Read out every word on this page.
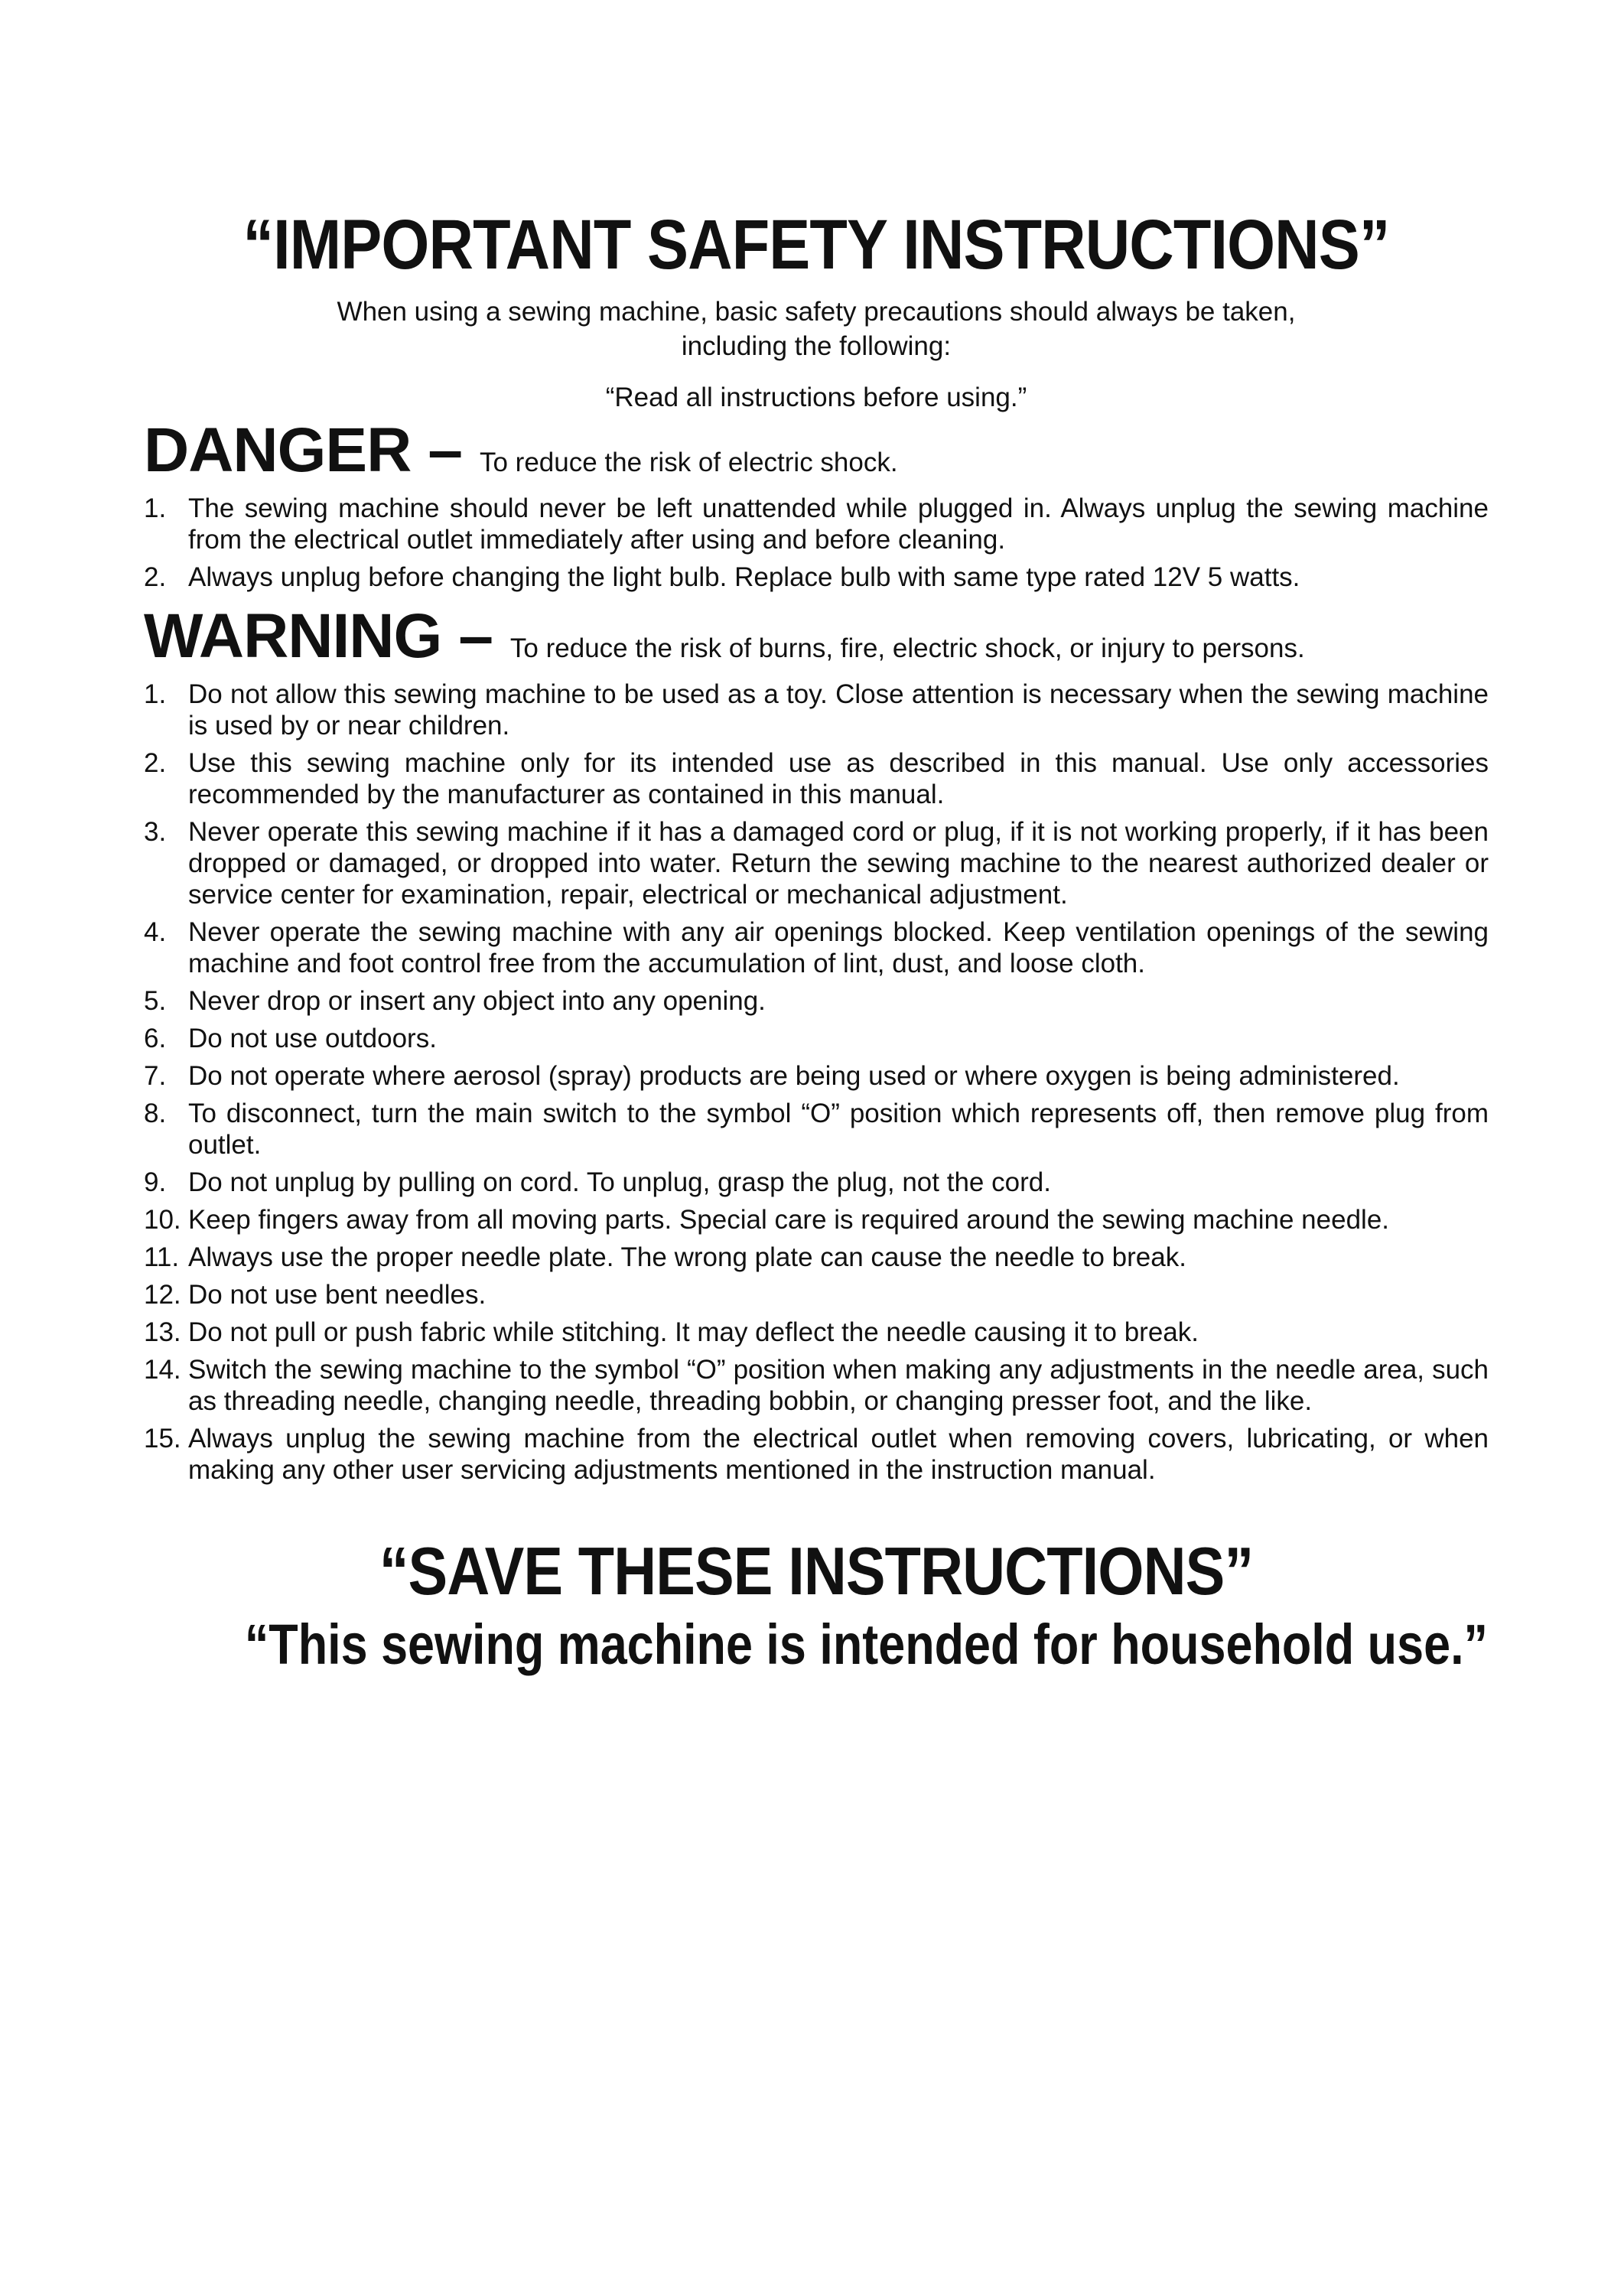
“IMPORTANT SAFETY INSTRUCTIONS”
When using a sewing machine, basic safety precautions should always be taken,
including the following:
“Read all instructions before using.”
DANGER – To reduce the risk of electric shock.
1. The sewing machine should never be left unattended while plugged in. Always unplug the sewing machine from the electrical outlet immediately after using and before cleaning.
2. Always unplug before changing the light bulb. Replace bulb with same type rated 12V 5 watts.
WARNING – To reduce the risk of burns, fire, electric shock, or injury to persons.
1. Do not allow this sewing machine to be used as a toy. Close attention is necessary when the sewing machine is used by or near children.
2. Use this sewing machine only for its intended use as described in this manual. Use only accessories recommended by the manufacturer as contained in this manual.
3. Never operate this sewing machine if it has a damaged cord or plug, if it is not working properly, if it has been dropped or damaged, or dropped into water. Return the sewing machine to the nearest authorized dealer or service center for examination, repair, electrical or mechanical adjustment.
4. Never operate the sewing machine with any air openings blocked. Keep ventilation openings of the sewing machine and foot control free from the accumulation of lint, dust, and loose cloth.
5. Never drop or insert any object into any opening.
6. Do not use outdoors.
7. Do not operate where aerosol (spray) products are being used or where oxygen is being administered.
8. To disconnect, turn the main switch to the symbol “O” position which represents off, then remove plug from outlet.
9. Do not unplug by pulling on cord. To unplug, grasp the plug, not the cord.
10. Keep fingers away from all moving parts. Special care is required around the sewing machine needle.
11. Always use the proper needle plate. The wrong plate can cause the needle to break.
12. Do not use bent needles.
13. Do not pull or push fabric while stitching. It may deflect the needle causing it to break.
14. Switch the sewing machine to the symbol “O” position when making any adjustments in the needle area, such as threading needle, changing needle, threading bobbin, or changing presser foot, and the like.
15. Always unplug the sewing machine from the electrical outlet when removing covers, lubricating, or when making any other user servicing adjustments mentioned in the instruction manual.
“SAVE THESE INSTRUCTIONS”
“This sewing machine is intended for household use.”
